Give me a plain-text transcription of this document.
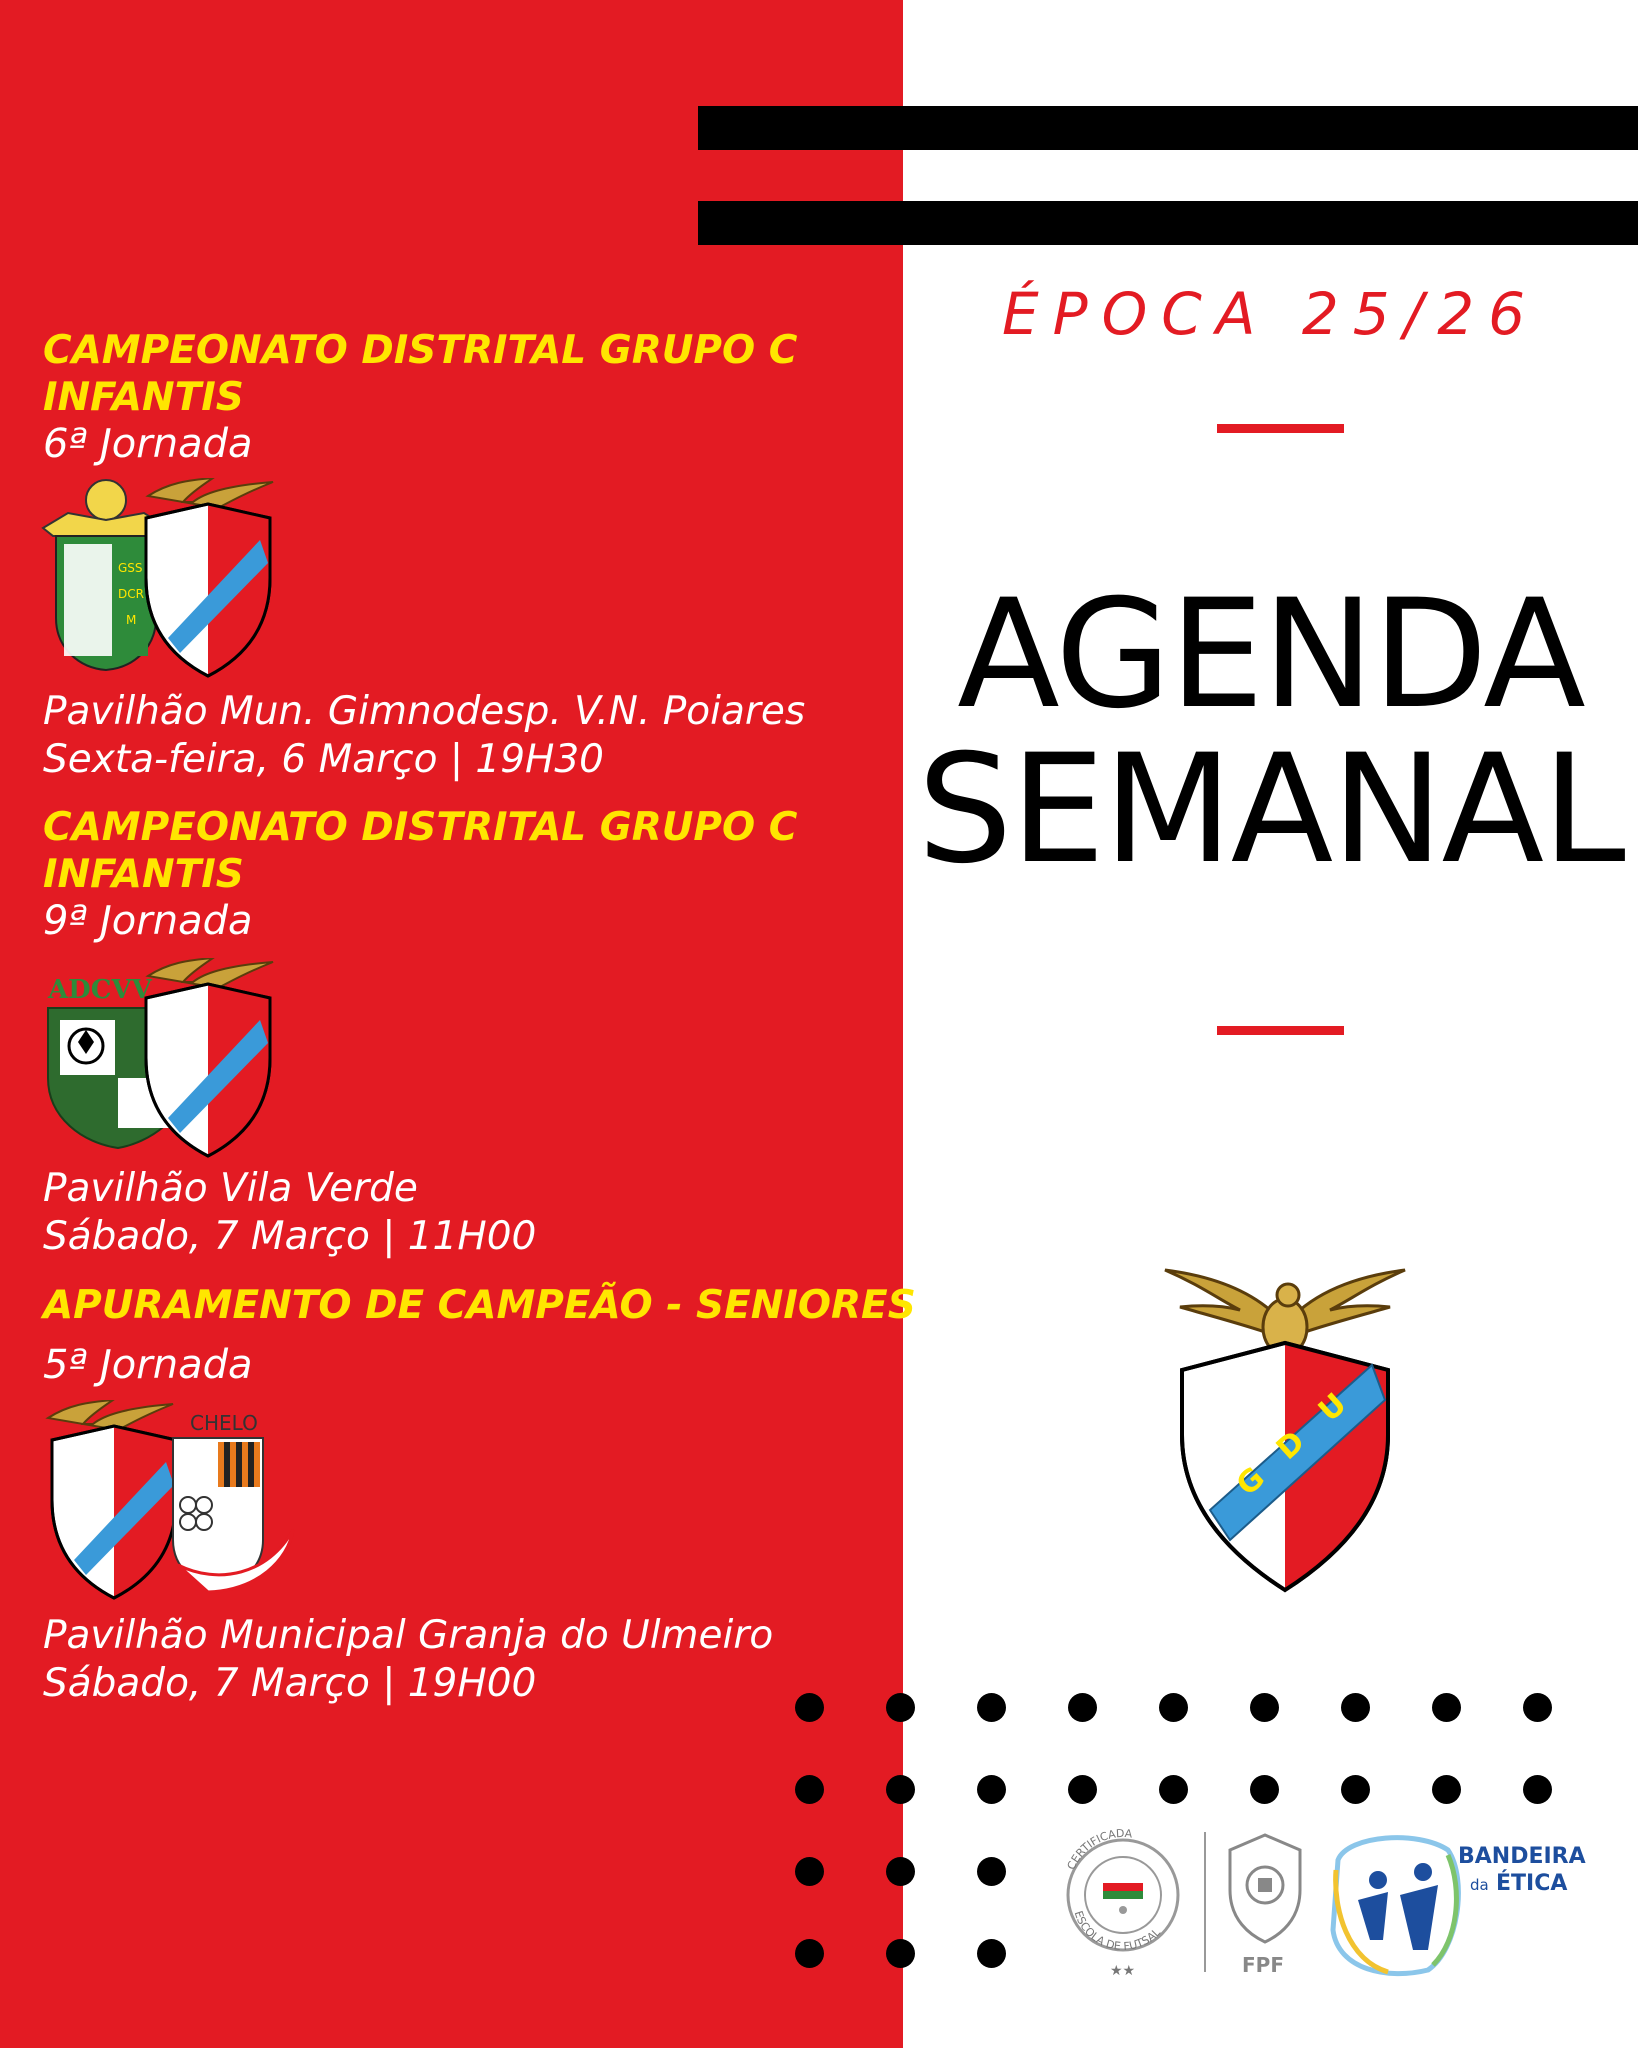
ÉPOCA 25/26
AGENDA
SEMANAL
G
D
U
CAMPEONATO DISTRITAL GRUPO C
INFANTIS
6ª Jornada
GSS
DCR
M
Pavilhão Mun. Gimnodesp. V.N. Poiares
Sexta-feira, 6 Março | 19H30
CAMPEONATO DISTRITAL GRUPO C
INFANTIS
9ª Jornada
ADCVV
Pavilhão Vila Verde
Sábado, 7 Março | 11H00
APURAMENTO DE CAMPEÃO - SENIORES
5ª Jornada
CHELO
Pavilhão Municipal Granja do Ulmeiro
Sábado, 7 Março | 19H00
CERTIFICADA
ESCOLA DE FUTSAL
★★	FPF
BANDEIRA
da ÉTICA
